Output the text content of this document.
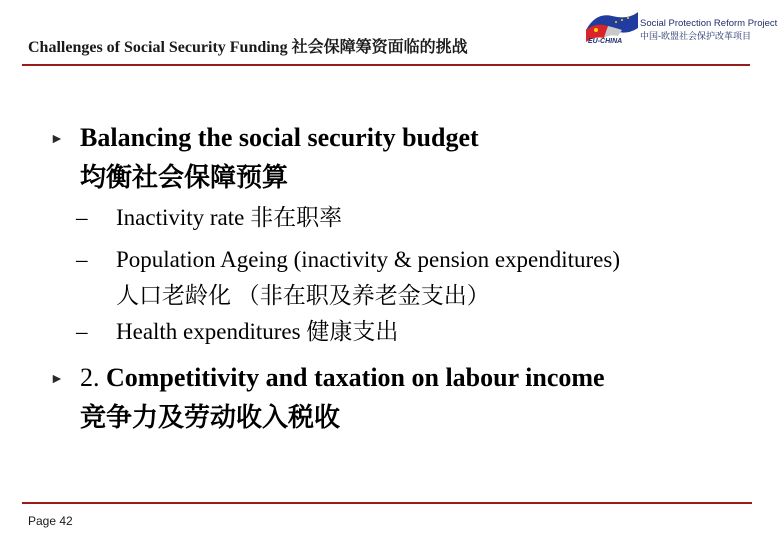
Challenges of Social Security Funding 社会保障筹资面临的挑战
Social Protection Reform Project
中国-欧盟社会保护改革项目
EU-CHINA
► Balancing the social security budget
均衡社会保障预算
– Inactivity rate 非在职率
– Population Ageing (inactivity & pension expenditures)
人口老龄化 （非在职及养老金支出）
– Health expenditures 健康支出
► 2. Competitivity and taxation on labour income
竞争力及劳动收入税收
Page 42
